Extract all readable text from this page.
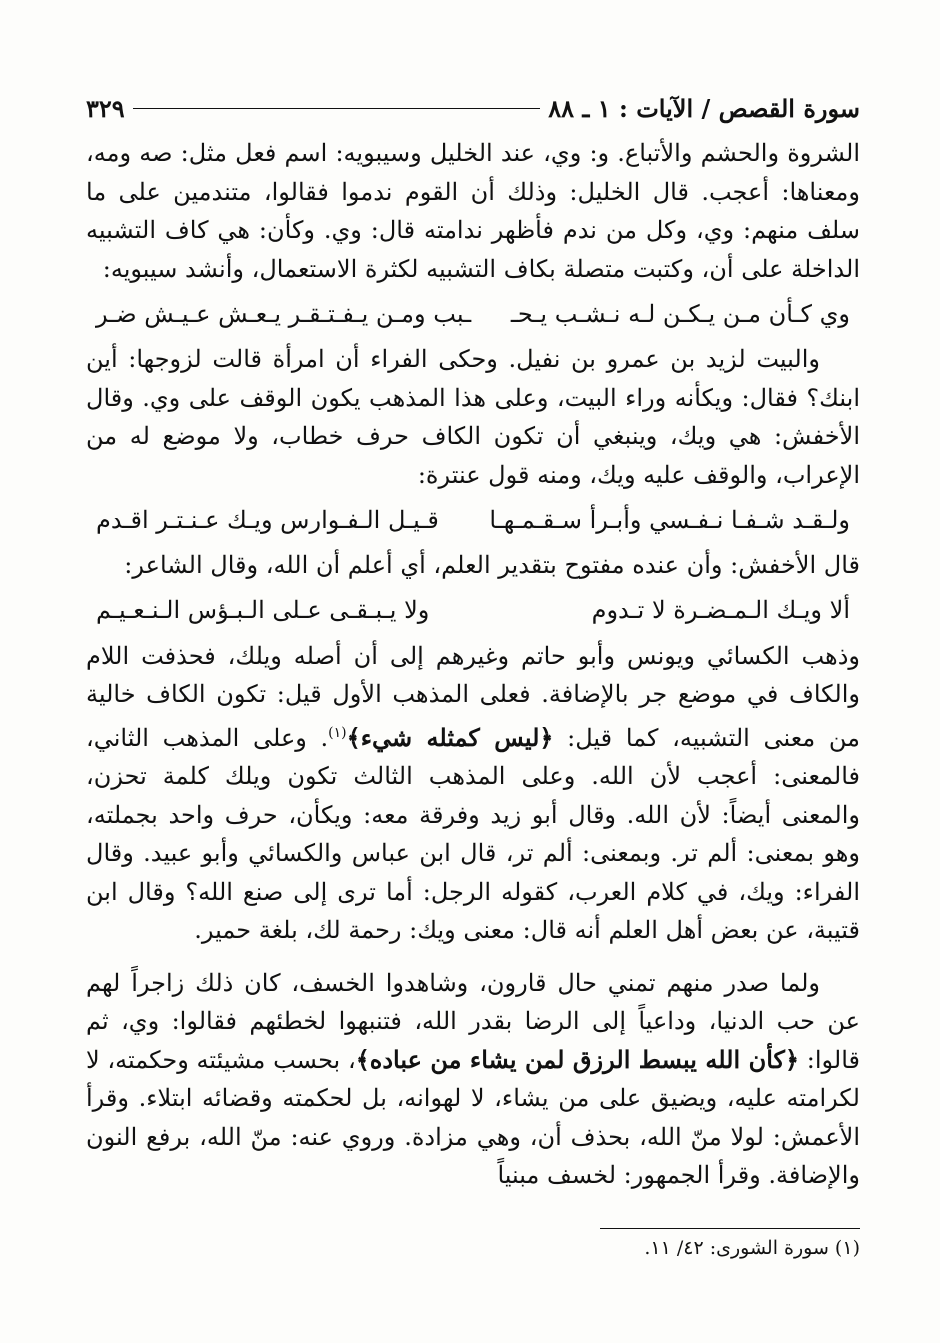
سورة القصص / الآيات : ١ ـ ٨٨
٣٢٩

الشروة والحشم والأتباع. و: وي، عند الخليل وسيبويه: اسم فعل مثل: صه ومه، ومعناها: أعجب. قال الخليل: وذلك أن القوم ندموا فقالوا، متندمين على ما سلف منهم: وي، وكل من ندم فأظهر ندامته قال: وي. وكأن: هي كاف التشبيه الداخلة على أن، وكتبت متصلة بكاف التشبيه لكثرة الاستعمال، وأنشد سيبويه:

وي كـأن مـن يـكـن لـه نـشـب يـحـ
ـبب ومـن يـفـتـقـر يـعـش عـيـش ضـر

والبيت لزيد بن عمرو بن نفيل. وحكى الفراء أن امرأة قالت لزوجها: أين ابنك؟ فقال: ويكأنه وراء البيت، وعلى هذا المذهب يكون الوقف على وي. وقال الأخفش: هي ويك، وينبغي أن تكون الكاف حرف خطاب، ولا موضع له من الإعراب، والوقف عليه ويك، ومنه قول عنترة:

ولـقـد شـفـا نـفـسي وأبـرأ سـقـمـهـا
قـيـل الـفـوارس ويـك عـنـتـر اقـدم

قال الأخفش: وأن عنده مفتوح بتقدير العلم، أي أعلم أن الله، وقال الشاعر:

ألا ويـك الـمـضـرة لا تـدوم
ولا يـبـقـى عـلى الـبـؤس الـنـعـيـم

وذهب الكسائي ويونس وأبو حاتم وغيرهم إلى أن أصله ويلك، فحذفت اللام والكاف في موضع جر بالإضافة. فعلى المذهب الأول قيل: تكون الكاف خالية من معنى التشبيه، كما قيل: ﴿ليس كمثله شيء﴾$^{(١)}$. وعلى المذهب الثاني، فالمعنى: أعجب لأن الله. وعلى المذهب الثالث تكون ويلك كلمة تحزن، والمعنى أيضاً: لأن الله. وقال أبو زيد وفرقة معه: ويكأن، حرف واحد بجملته، وهو بمعنى: ألم تر. وبمعنى: ألم تر، قال ابن عباس والكسائي وأبو عبيد. وقال الفراء: ويك، في كلام العرب، كقوله الرجل: أما ترى إلى صنع الله؟ وقال ابن قتيبة، عن بعض أهل العلم أنه قال: معنى ويك: رحمة لك، بلغة حمير.

ولما صدر منهم تمني حال قارون، وشاهدوا الخسف، كان ذلك زاجراً لهم عن حب الدنيا، وداعياً إلى الرضا بقدر الله، فتنبهوا لخطئهم فقالوا: وي، ثم قالوا: ﴿كأن الله يبسط الرزق لمن يشاء من عباده﴾، بحسب مشيئته وحكمته، لا لكرامته عليه، ويضيق على من يشاء، لا لهوانه، بل لحكمته وقضائه ابتلاء. وقرأ الأعمش: لولا منّ الله، بحذف أن، وهي مزادة. وروي عنه: منّ الله، برفع النون والإضافة. وقرأ الجمهور: لخسف مبنياً

(١) سورة الشورى: ٤٢/ ١١.
